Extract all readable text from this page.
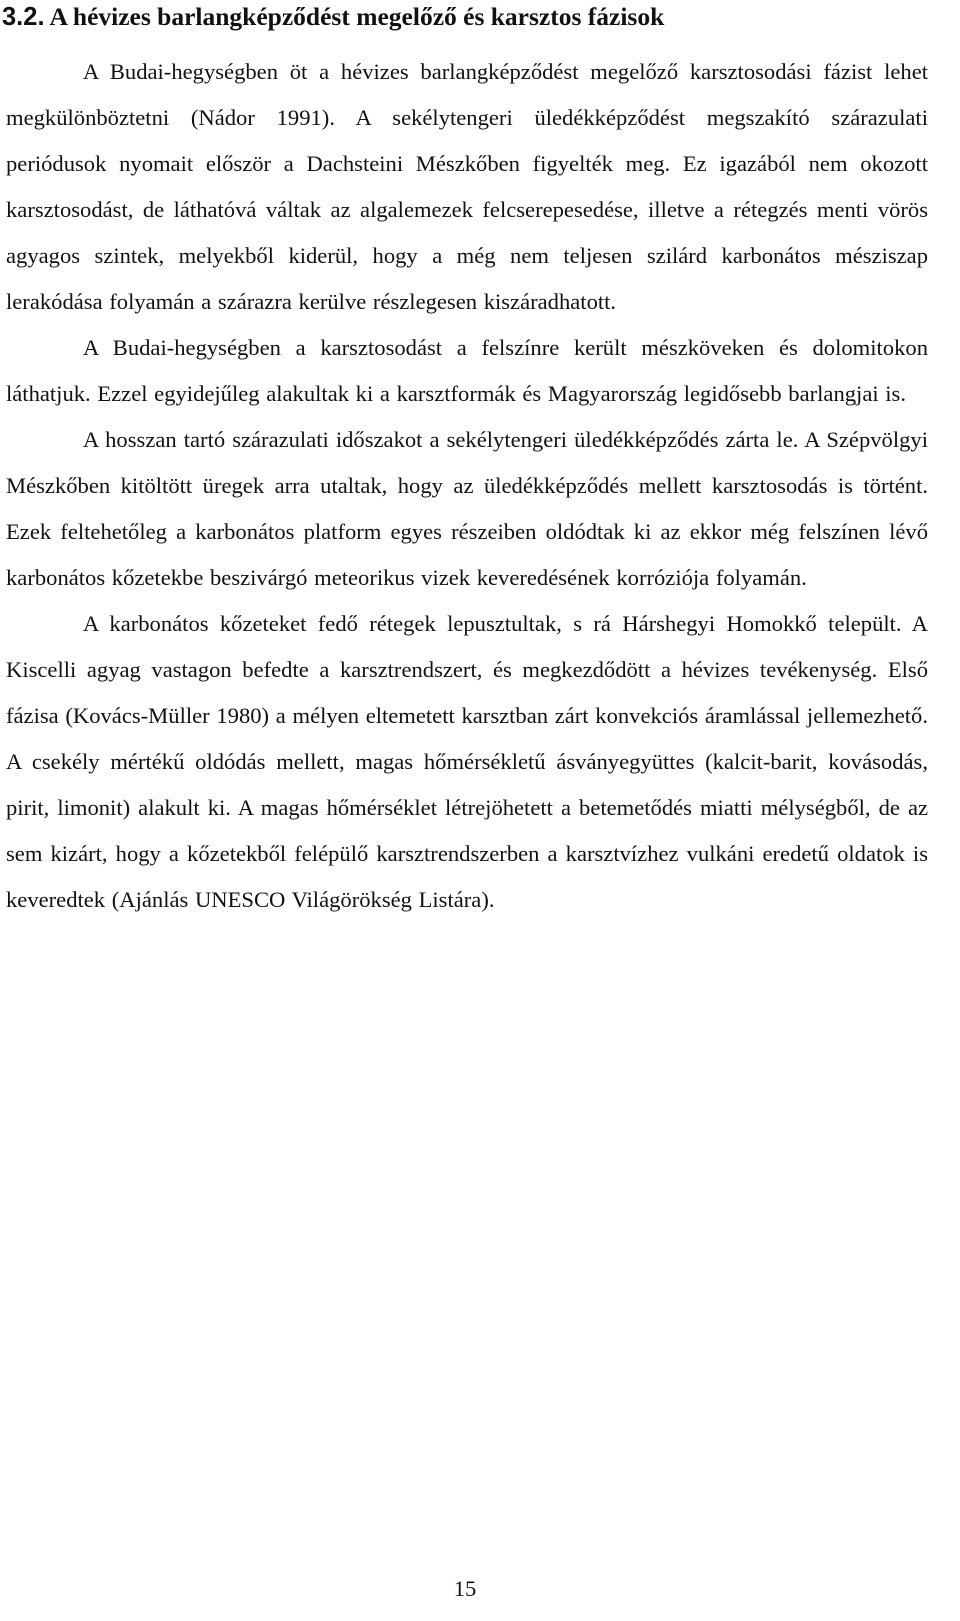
3.2. A hévizes barlangképződést megelőző és karsztos fázisok

A Budai-hegységben öt a hévizes barlangképződést megelőző karsztosodási fázist lehet megkülönböztetni (Nádor 1991). A sekélytengeri üledékképződést megszakító szárazulati periódusok nyomait először a Dachsteini Mészkőben figyelték meg. Ez igazából nem okozott karsztosodást, de láthatóvá váltak az algalemezek felcserepesedése, illetve a rétegzés menti vörös agyagos szintek, melyekből kiderül, hogy a még nem teljesen szilárd karbonátos mésziszap lerakódása folyamán a szárazra kerülve részlegesen kiszáradhatott.

A Budai-hegységben a karsztosodást a felszínre került mészköveken és dolomitokon láthatjuk. Ezzel egyidejűleg alakultak ki a karsztformák és Magyarország legidősebb barlangjai is.

A hosszan tartó szárazulati időszakot a sekélytengeri üledékképződés zárta le. A Szépvölgyi Mészkőben kitöltött üregek arra utaltak, hogy az üledékképződés mellett karsztosodás is történt. Ezek feltehetőleg a karbonátos platform egyes részeiben oldódtak ki az ekkor még felszínen lévő karbonátos kőzetekbe beszivárgó meteorikus vizek keveredésének korróziója folyamán.

A karbonátos kőzeteket fedő rétegek lepusztultak, s rá Hárshegyi Homokkő települt. A Kiscelli agyag vastagon befedte a karsztrendszert, és megkezdődött a hévizes tevékenység. Első fázisa (Kovács-Müller 1980) a mélyen eltemetett karsztban zárt konvekciós áramlással jellemezhető. A csekély mértékű oldódás mellett, magas hőmérsékletű ásványegyüttes (kalcit-barit, kovásodás, pirit, limonit) alakult ki. A magas hőmérséklet létrejöhetett a betemetődés miatti mélységből, de az sem kizárt, hogy a kőzetekből felépülő karsztrendszerben a karsztvízhez vulkáni eredetű oldatok is keveredtek (Ajánlás UNESCO Világörökség Listára).

15
